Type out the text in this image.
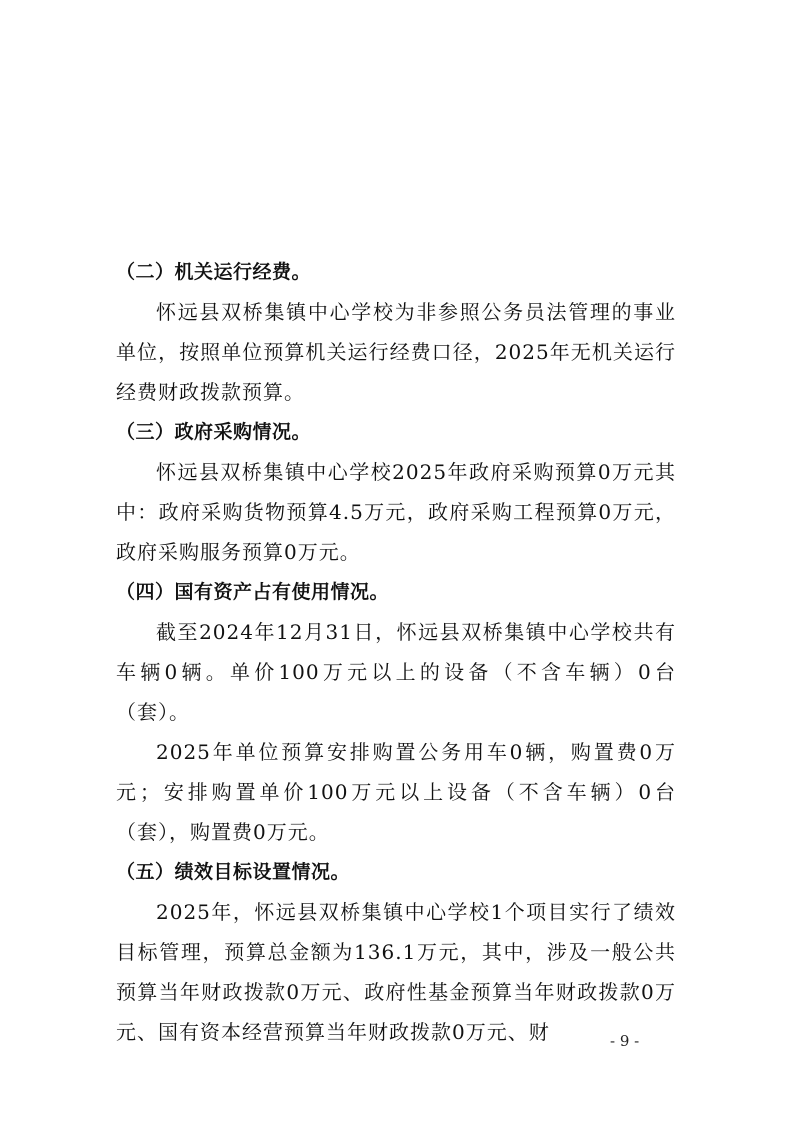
（二）机关运行经费。

怀远县双桥集镇中心学校为非参照公务员法管理的事业单位，按照单位预算机关运行经费口径，2025年无机关运行经费财政拨款预算。

（三）政府采购情况。

怀远县双桥集镇中心学校2025年政府采购预算0万元其中：政府采购货物预算4.5万元，政府采购工程预算0万元，政府采购服务预算0万元。

（四）国有资产占有使用情况。

截至2024年12月31日，怀远县双桥集镇中心学校共有车辆0辆。单价100万元以上的设备（不含车辆）0台（套）。

2025年单位预算安排购置公务用车0辆，购置费0万元；安排购置单价100万元以上设备（不含车辆）0台（套），购置费0万元。

（五）绩效目标设置情况。

2025年，怀远县双桥集镇中心学校1个项目实行了绩效目标管理，预算总金额为136.1万元，其中，涉及一般公共预算当年财政拨款0万元、政府性基金预算当年财政拨款0万元、国有资本经营预算当年财政拨款0万元、财	- 9 -
